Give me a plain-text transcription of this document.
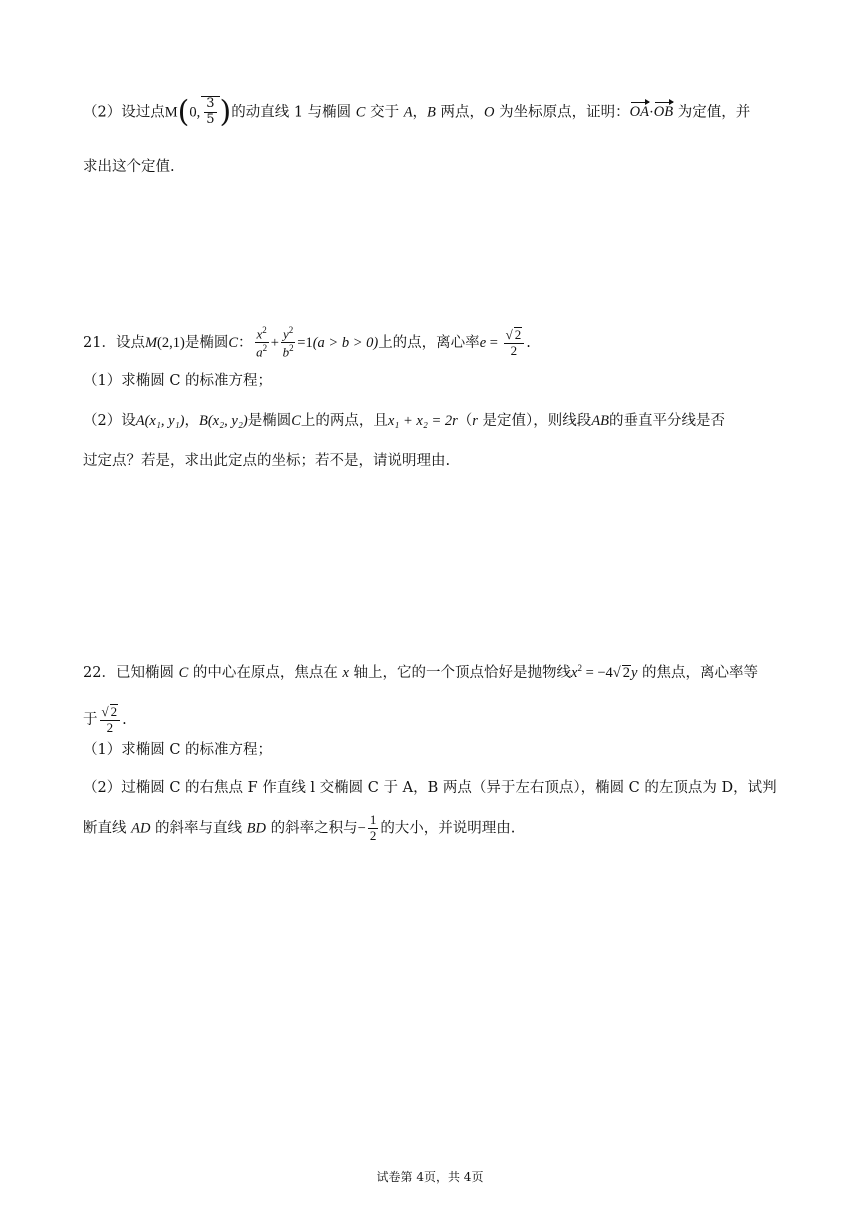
（2）设过点M(0, $\frac{3}{5}$ )的动直线 1 与椭圆 C 交于 A，B 两点，O 为坐标原点，证明：OA·OB 为定值，并
求出这个定值.
21．设点M(2,1)是椭圆C： $\frac{x^2}{a^2} + \frac{y^2}{b^2} =1(a > b > 0)$上的点，离心率$e = \frac{√ 2}{2}$ .
（1）求椭圆 C 的标准方程；
（2）设A(x₁, y₁)，B(x₂, y₂)是椭圆C上的两点，且x₁ + x₂ = 2r（r 是定值），则线段AB的垂直平分线是否
过定点？若是，求出此定点的坐标；若不是，请说明理由.
22．已知椭圆 C 的中心在原点，焦点在 x 轴上，它的一个顶点恰好是抛物线$x^2 = -4√$ 2y 的焦点，离心率等
于 $\frac{√ 2}{2}$ .
（1）求椭圆 C 的标准方程；
（2）过椭圆 C 的右焦点 F 作直线 l 交椭圆 C 于 A，B 两点（异于左右顶点），椭圆 C 的左顶点为 D，试判
断直线 AD 的斜率与直线 BD 的斜率之积与− $\frac{1}{2}$ 的大小，并说明理由.
试卷第 4页，共 4页
